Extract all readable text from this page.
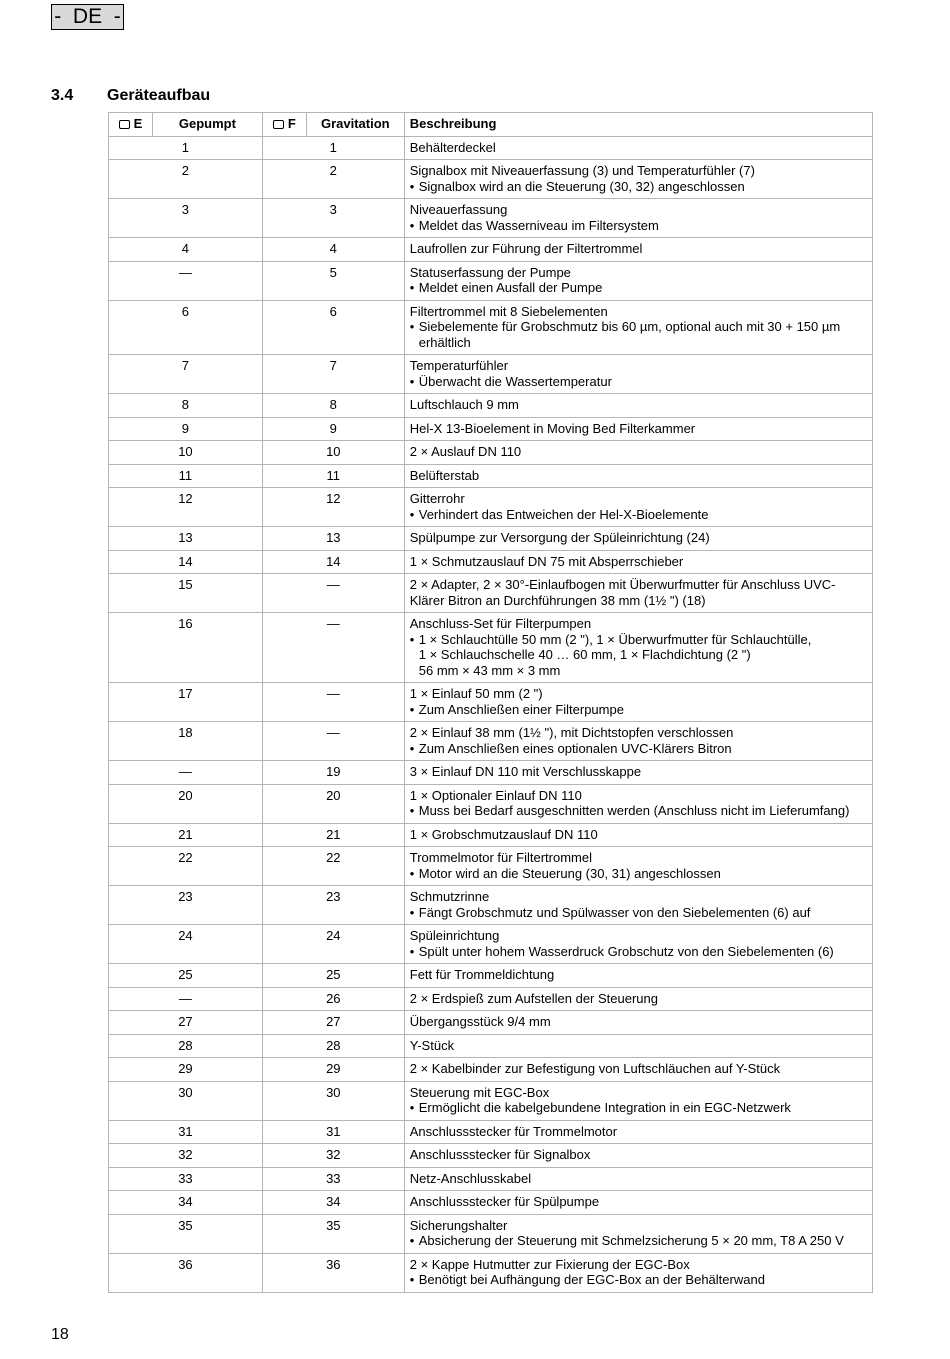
-  DE  -
3.4	Geräteaufbau
E	Gepumpt	F	Gravitation	Beschreibung
1		1		Behälterdeckel

2		2		Signalbox mit Niveauerfassung (3) und Temperaturfühler (7)
• Signalbox wird an die Steuerung (30, 32) angeschlossen

3		3		Niveauerfassung
• Meldet das Wasserniveau im Filtersystem

4		4		Laufrollen zur Führung der Filtertrommel

—		5		Statuserfassung der Pumpe
• Meldet einen Ausfall der Pumpe

6		6		Filtertrommel mit 8 Siebelementen
• Siebelemente für Grobschmutz bis 60 µm, optional auch mit 30 + 150 µm
erhältlich

7		7		Temperaturfühler
• Überwacht die Wassertemperatur

8		8		Luftschlauch 9 mm

9		9		Hel-X 13-Bioelement in Moving Bed Filterkammer

10		10		2 × Auslauf DN 110

11		11		Belüfterstab

12		12		Gitterrohr
• Verhindert das Entweichen der Hel-X-Bioelemente

13		13		Spülpumpe zur Versorgung der Spüleinrichtung (24)

14		14		1 × Schmutzauslauf DN 75 mit Absperrschieber

15		—		2 × Adapter, 2 × 30°-Einlaufbogen mit Überwurfmutter für Anschluss UVC-
Klärer Bitron an Durchführungen 38 mm (1½ ") (18)

16		—		Anschluss-Set für Filterpumpen
• 1 × Schlauchtülle 50 mm (2 "), 1 × Überwurfmutter für Schlauchtülle,
1 × Schlauchschelle 40 … 60 mm, 1 × Flachdichtung (2 ")
56 mm × 43 mm × 3 mm

17		—		1 × Einlauf 50 mm (2 ")
• Zum Anschließen einer Filterpumpe

18		—		2 × Einlauf 38 mm (1½ "), mit Dichtstopfen verschlossen
• Zum Anschließen eines optionalen UVC-Klärers Bitron

—		19		3 × Einlauf DN 110 mit Verschlusskappe

20		20		1 × Optionaler Einlauf DN 110
• Muss bei Bedarf ausgeschnitten werden (Anschluss nicht im Lieferumfang)

21		21		1 × Grobschmutzauslauf DN 110

22		22		Trommelmotor für Filtertrommel
• Motor wird an die Steuerung (30, 31) angeschlossen

23		23		Schmutzrinne
• Fängt Grobschmutz und Spülwasser von den Siebelementen (6) auf

24		24		Spüleinrichtung
• Spült unter hohem Wasserdruck Grobschutz von den Siebelementen (6)

25		25		Fett für Trommeldichtung

—		26		2 × Erdspieß zum Aufstellen der Steuerung

27		27		Übergangsstück 9/4 mm

28		28		Y-Stück

29		29		2 × Kabelbinder zur Befestigung von Luftschläuchen auf Y-Stück

30		30		Steuerung mit EGC-Box
• Ermöglicht die kabelgebundene Integration in ein EGC-Netzwerk

31		31		Anschlussstecker für Trommelmotor

32		32		Anschlussstecker für Signalbox

33		33		Netz-Anschlusskabel

34		34		Anschlussstecker für Spülpumpe

35		35		Sicherungshalter
• Absicherung der Steuerung mit Schmelzsicherung 5 × 20 mm, T8 A 250 V

36		36		2 × Kappe Hutmutter zur Fixierung der EGC-Box
• Benötigt bei Aufhängung der EGC-Box an der Behälterwand
18
